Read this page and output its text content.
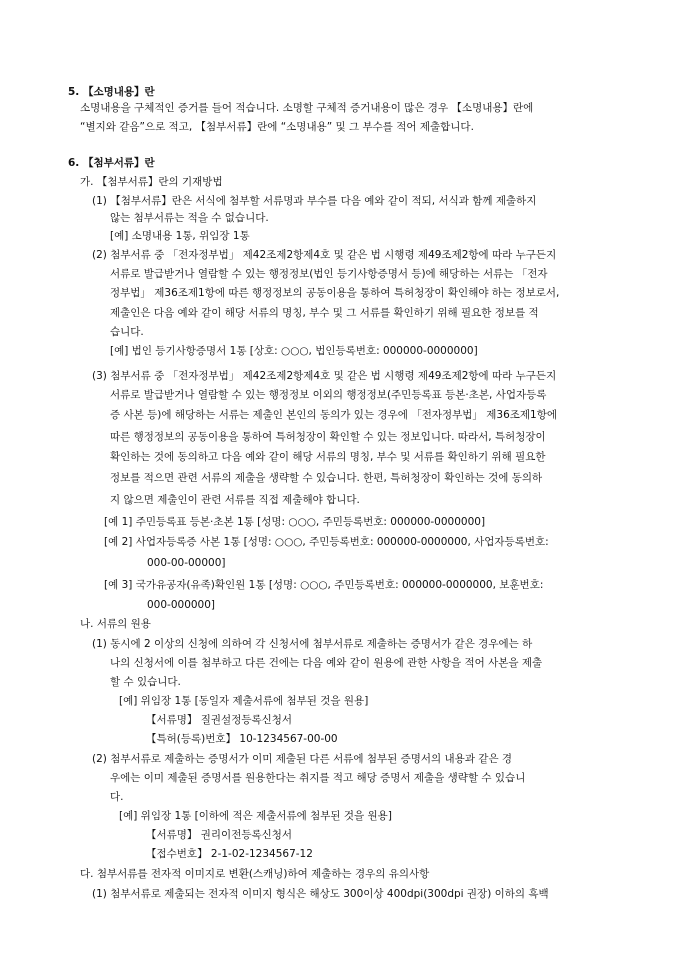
5. 【소명내용】란
소명내용을 구체적인 증거를 들어 적습니다. 소명할 구체적 증거내용이 많은 경우 【소명내용】란에
“별지와 같음”으로 적고, 【첨부서류】란에 “소명내용” 및 그 부수를 적어 제출합니다.
6. 【첨부서류】란
가. 【첨부서류】란의 기재방법
(1) 【첨부서류】란은 서식에 첨부할 서류명과 부수를 다음 예와 같이 적되, 서식과 함께 제출하지
않는 첨부서류는 적을 수 없습니다.
[예] 소명내용 1통, 위임장 1통
(2) 첨부서류 중 「전자정부법」 제42조제2항제4호 및 같은 법 시행령 제49조제2항에 따라 누구든지
서류로 발급받거나 열람할 수 있는 행정정보(법인 등기사항증명서 등)에 해당하는 서류는 「전자
정부법」 제36조제1항에 따른 행정정보의 공동이용을 통하여 특허청장이 확인해야 하는 정보로서,
제출인은 다음 예와 같이 해당 서류의 명칭, 부수 및 그 서류를 확인하기 위해 필요한 정보를 적
습니다.
[예] 법인 등기사항증명서 1통 [상호: ○○○, 법인등록번호: 000000-0000000]
(3) 첨부서류 중 「전자정부법」 제42조제2항제4호 및 같은 법 시행령 제49조제2항에 따라 누구든지
서류로 발급받거나 열람할 수 있는 행정정보 이외의 행정정보(주민등록표 등본·초본, 사업자등록
증 사본 등)에 해당하는 서류는 제출인 본인의 동의가 있는 경우에 「전자정부법」 제36조제1항에
따른 행정정보의 공동이용을 통하여 특허청장이 확인할 수 있는 정보입니다. 따라서, 특허청장이
확인하는 것에 동의하고 다음 예와 같이 해당 서류의 명칭, 부수 및 서류를 확인하기 위해 필요한
정보를 적으면 관련 서류의 제출을 생략할 수 있습니다. 한편, 특허청장이 확인하는 것에 동의하
지 않으면 제출인이 관련 서류를 직접 제출해야 합니다.
[예 1] 주민등록표 등본·초본 1통 [성명: ○○○, 주민등록번호: 000000-0000000]
[예 2] 사업자등록증 사본 1통 [성명: ○○○, 주민등록번호: 000000-0000000, 사업자등록번호:
000-00-00000]
[예 3] 국가유공자(유족)확인원 1통 [성명: ○○○, 주민등록번호: 000000-0000000, 보훈번호:
000-000000]
나. 서류의 원용
(1) 동시에 2 이상의 신청에 의하여 각 신청서에 첨부서류로 제출하는 증명서가 같은 경우에는 하
나의 신청서에 이를 첨부하고 다른 건에는 다음 예와 같이 원용에 관한 사항을 적어 사본을 제출
할 수 있습니다.
[예] 위임장 1통 [동일자 제출서류에 첨부된 것을 원용]
【서류명】 질권설정등록신청서
【특허(등록)번호】 10-1234567-00-00
(2) 첨부서류로 제출하는 증명서가 이미 제출된 다른 서류에 첨부된 증명서의 내용과 같은 경
우에는 이미 제출된 증명서를 원용한다는 취지를 적고 해당 증명서 제출을 생략할 수 있습니
다.
[예] 위임장 1통 [이하에 적은 제출서류에 첨부된 것을 원용]
【서류명】 권리이전등록신청서
【접수번호】 2-1-02-1234567-12
다. 첨부서류를 전자적 이미지로 변환(스캐닝)하여 제출하는 경우의 유의사항
(1) 첨부서류로 제출되는 전자적 이미지 형식은 해상도 300이상 400dpi(300dpi 권장) 이하의 흑백
